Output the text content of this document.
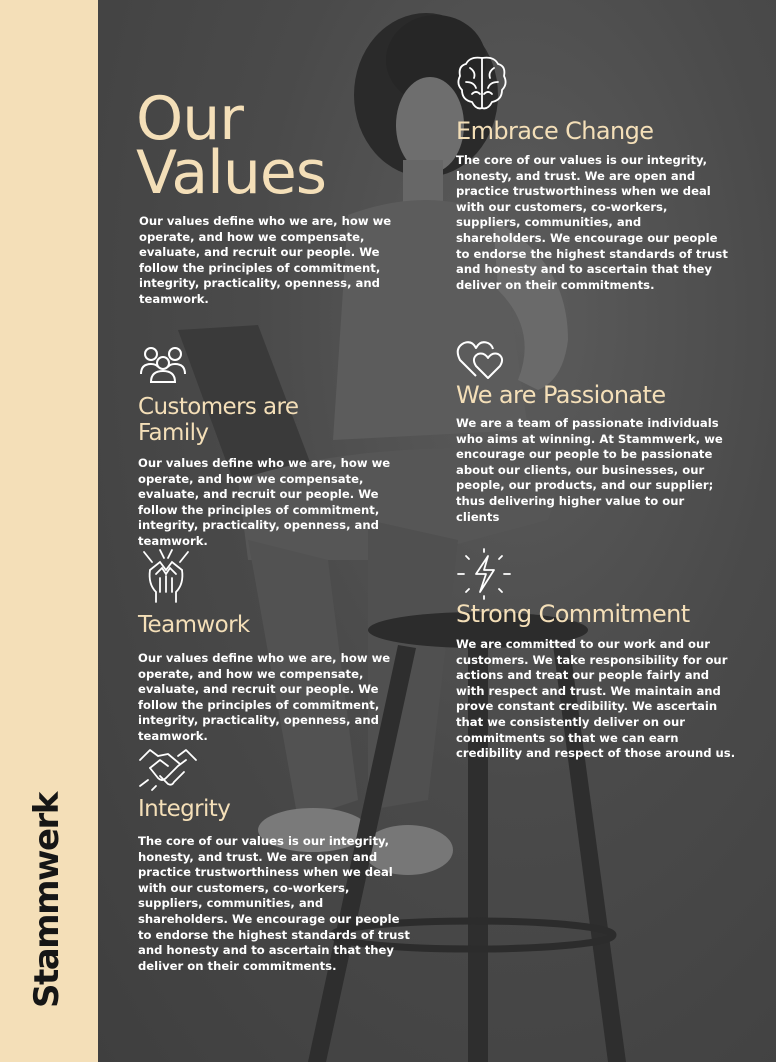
Stammwerk
Our
Values

Our values define who we are, how we operate, and how we compensate, evaluate, and recruit our people. We follow the principles of commitment, integrity, practicality, openness, and teamwork.

Customers are
Family

Our values define who we are, how we operate, and how we compensate, evaluate, and recruit our people. We follow the principles of commitment, integrity, practicality, openness, and teamwork.

Teamwork

Our values define who we are, how we operate, and how we compensate, evaluate, and recruit our people. We follow the principles of commitment, integrity, practicality, openness, and teamwork.

Integrity

The core of our values is our integrity, honesty, and trust. We are open and practice trustworthiness when we deal with our customers, co-workers, suppliers, communities, and shareholders. We encourage our people to endorse the highest standards of trust and honesty and to ascertain that they deliver on their commitments.

Embrace Change

The core of our values is our integrity, honesty, and trust. We are open and practice trustworthiness when we deal with our customers, co-workers, suppliers, communities, and shareholders. We encourage our people to endorse the highest standards of trust and honesty and to ascertain that they deliver on their commitments.

We are Passionate

We are a team of passionate individuals who aims at winning. At Stammwerk, we encourage our people to be passionate about our clients, our businesses, our people, our products, and our supplier; thus delivering higher value to our clients

Strong Commitment

We are committed to our work and our customers. We take responsibility for our actions and treat our people fairly and with respect and trust. We maintain and prove constant credibility. We ascertain that we consistently deliver on our commitments so that we can earn credibility and respect of those around us.
